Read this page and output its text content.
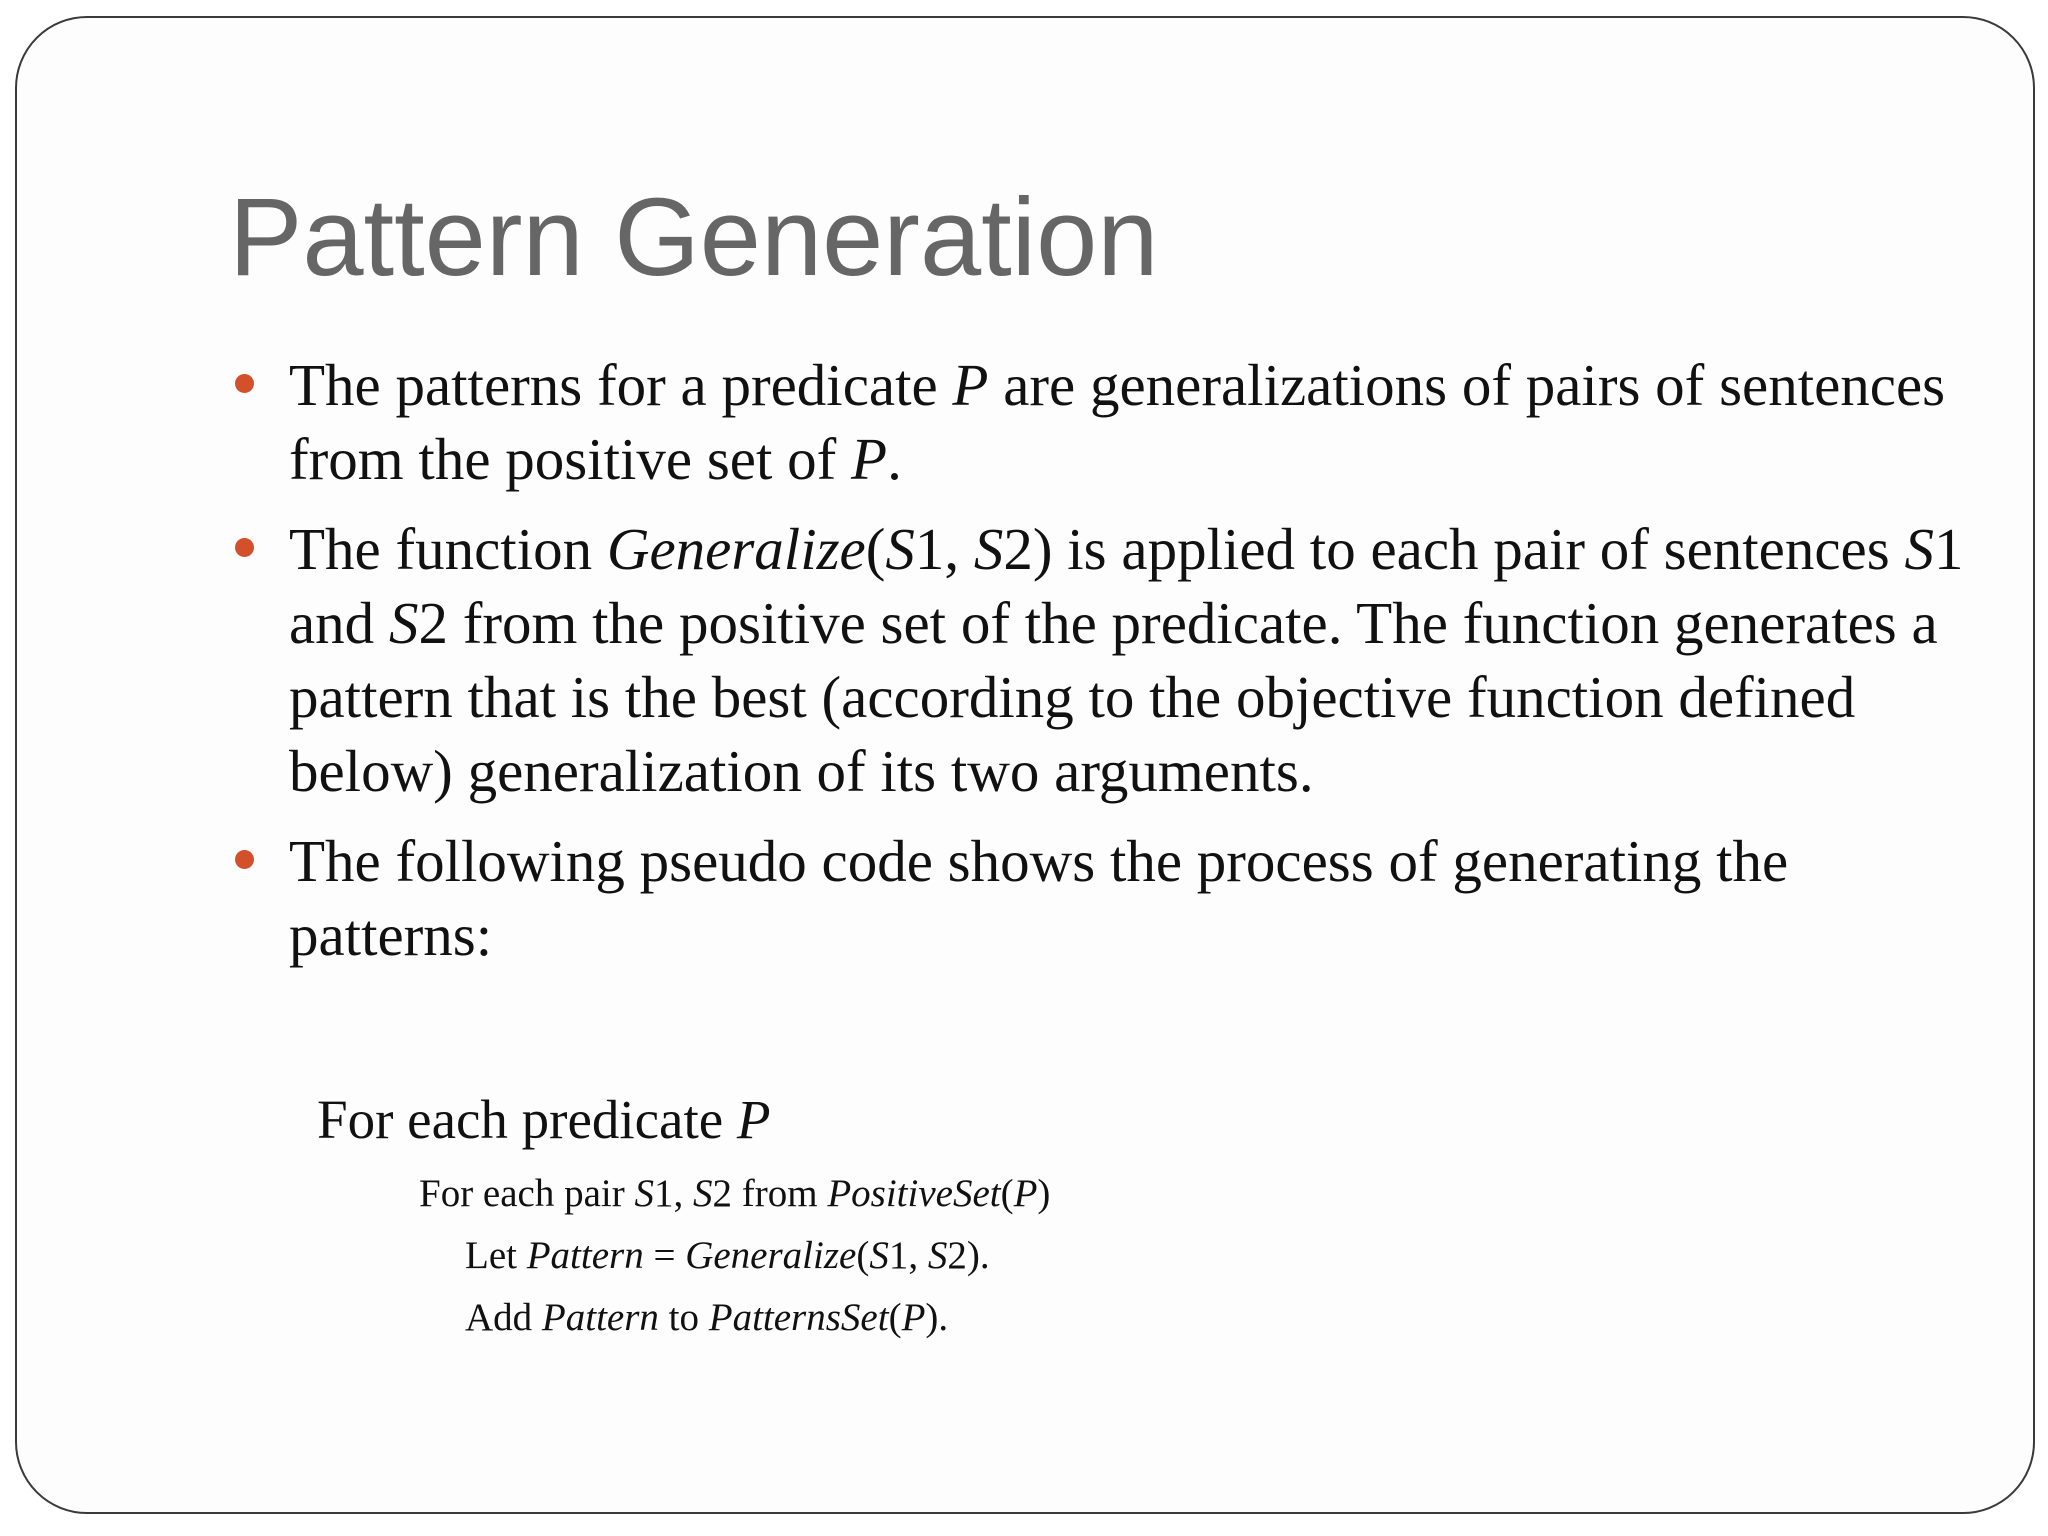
Pattern Generation
The patterns for a predicate P are generalizations of pairs of sentences from the positive set of P.
The function Generalize(S1, S2) is applied to each pair of sentences S1 and S2 from the positive set of the predicate. The function generates a pattern that is the best (according to the objective function defined below) generalization of its two arguments.
The following pseudo code shows the process of generating the patterns:
For each predicate P
For each pair S1, S2 from PositiveSet(P)
Let Pattern = Generalize(S1, S2).
Add Pattern to PatternsSet(P).
